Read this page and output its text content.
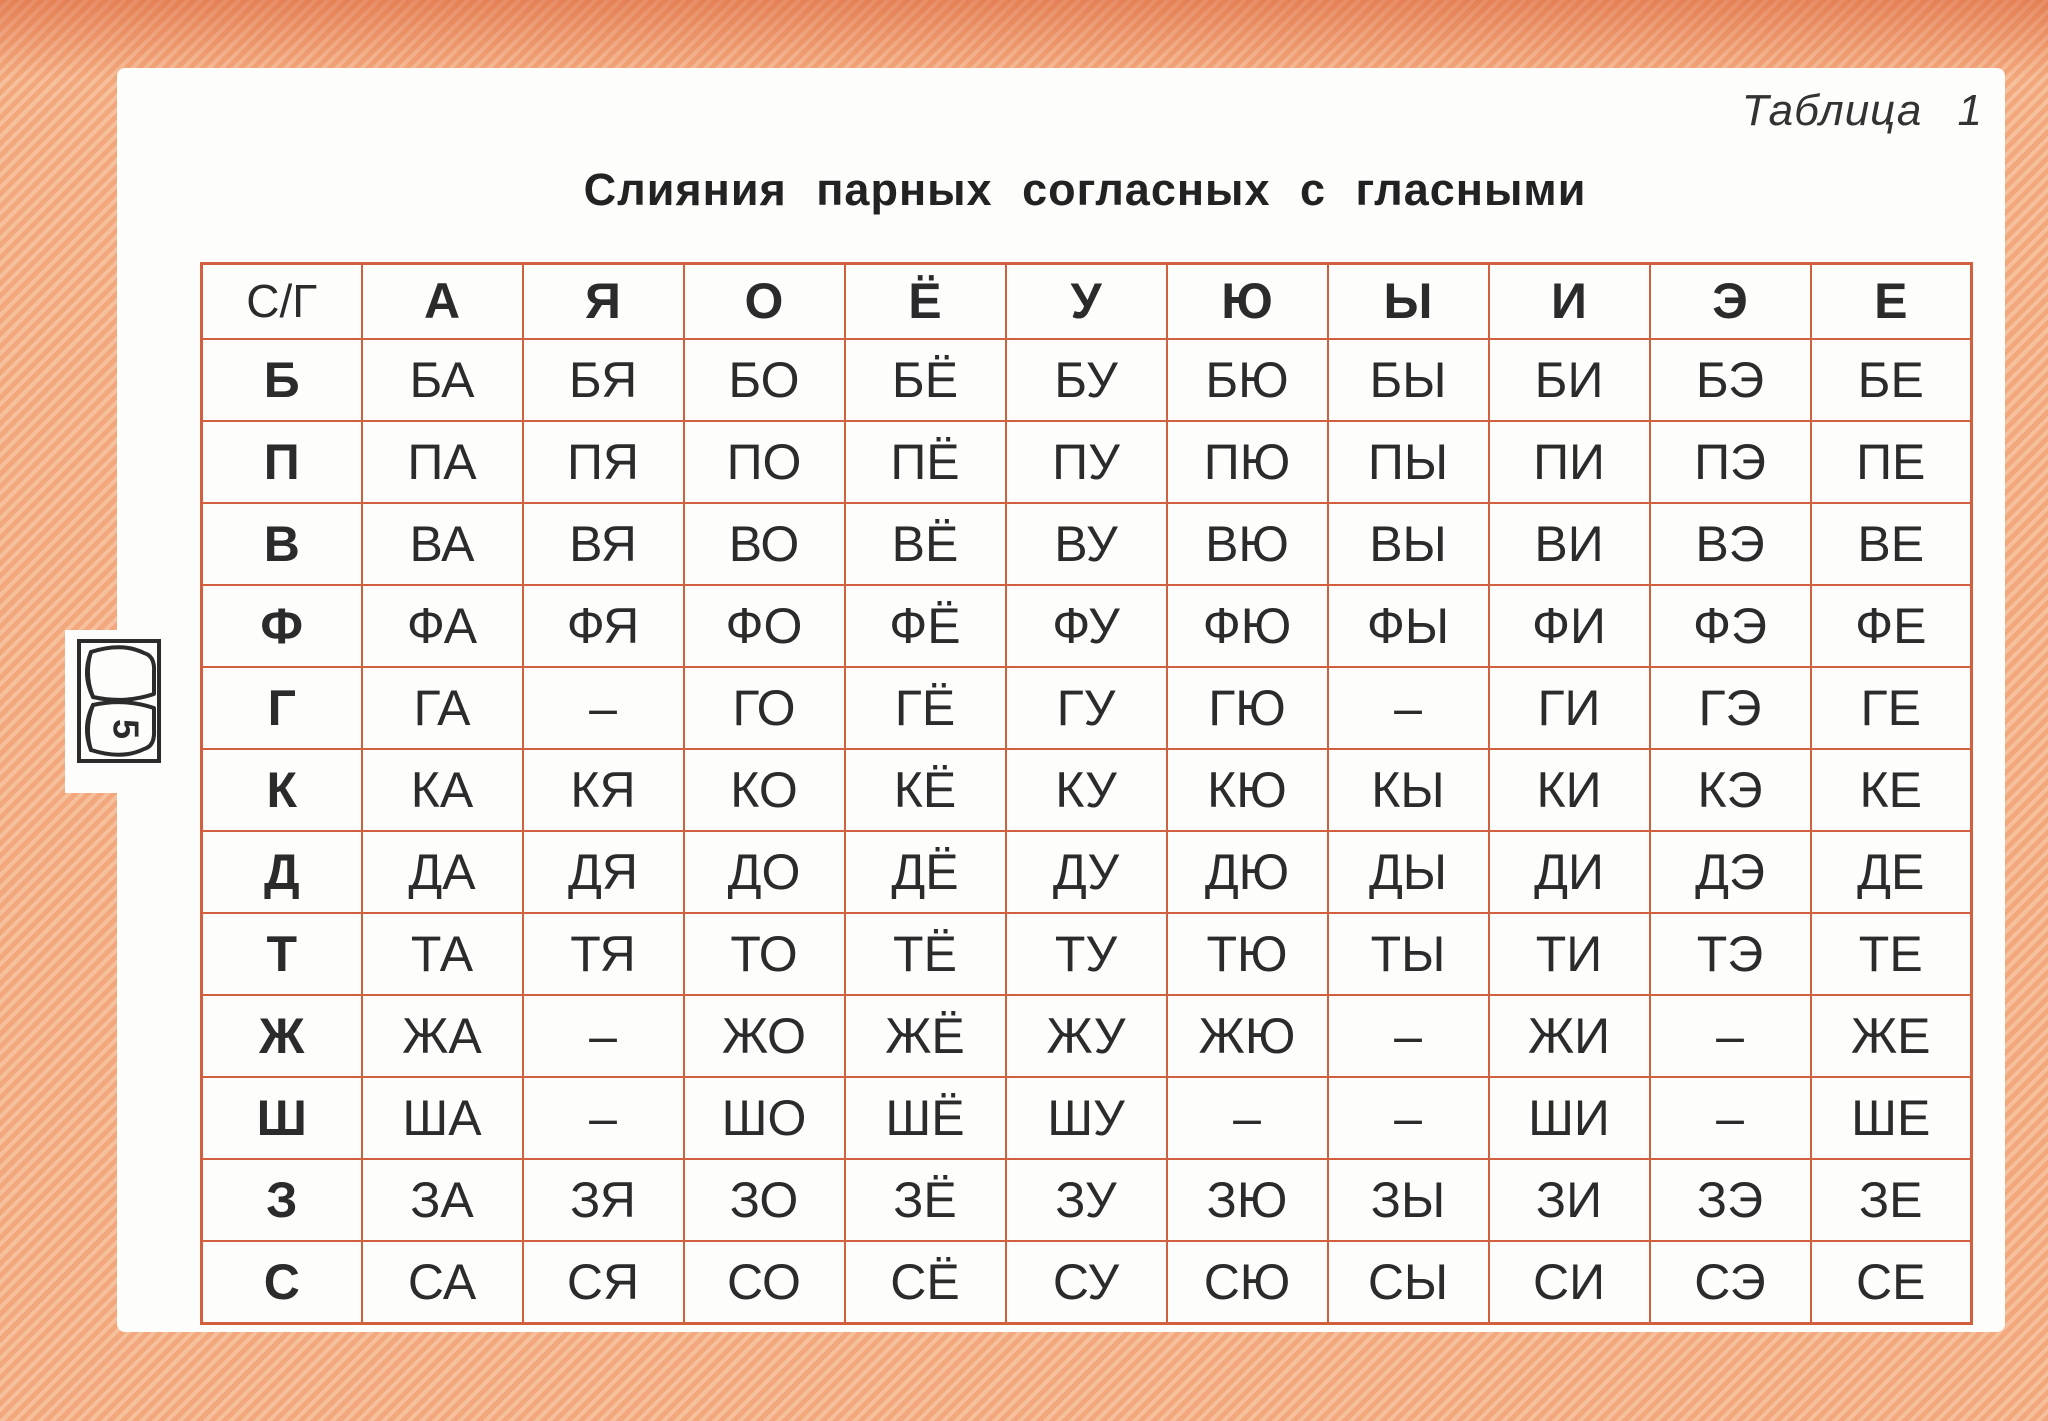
Таблица 1
Слияния парных согласных с гласными
С/Г	А	Я	О	Ё	У	Ю	Ы	И	Э	Е
Б	БА	БЯ	БО	БЁ	БУ	БЮ	БЫ	БИ	БЭ	БЕ
П	ПА	ПЯ	ПО	ПЁ	ПУ	ПЮ	ПЫ	ПИ	ПЭ	ПЕ
В	ВА	ВЯ	ВО	ВЁ	ВУ	ВЮ	ВЫ	ВИ	ВЭ	ВЕ
Ф	ФА	ФЯ	ФО	ФЁ	ФУ	ФЮ	ФЫ	ФИ	ФЭ	ФЕ
Г	ГА	–	ГО	ГЁ	ГУ	ГЮ	–	ГИ	ГЭ	ГЕ
К	КА	КЯ	КО	КЁ	КУ	КЮ	КЫ	КИ	КЭ	КЕ
Д	ДА	ДЯ	ДО	ДЁ	ДУ	ДЮ	ДЫ	ДИ	ДЭ	ДЕ
Т	ТА	ТЯ	ТО	ТЁ	ТУ	ТЮ	ТЫ	ТИ	ТЭ	ТЕ
Ж	ЖА	–	ЖО	ЖЁ	ЖУ	ЖЮ	–	ЖИ	–	ЖЕ
Ш	ША	–	ШО	ШЁ	ШУ	–	–	ШИ	–	ШЕ
З	ЗА	ЗЯ	ЗО	ЗЁ	ЗУ	ЗЮ	ЗЫ	ЗИ	ЗЭ	ЗЕ
С	СА	СЯ	СО	СЁ	СУ	СЮ	СЫ	СИ	СЭ	СЕ
5
